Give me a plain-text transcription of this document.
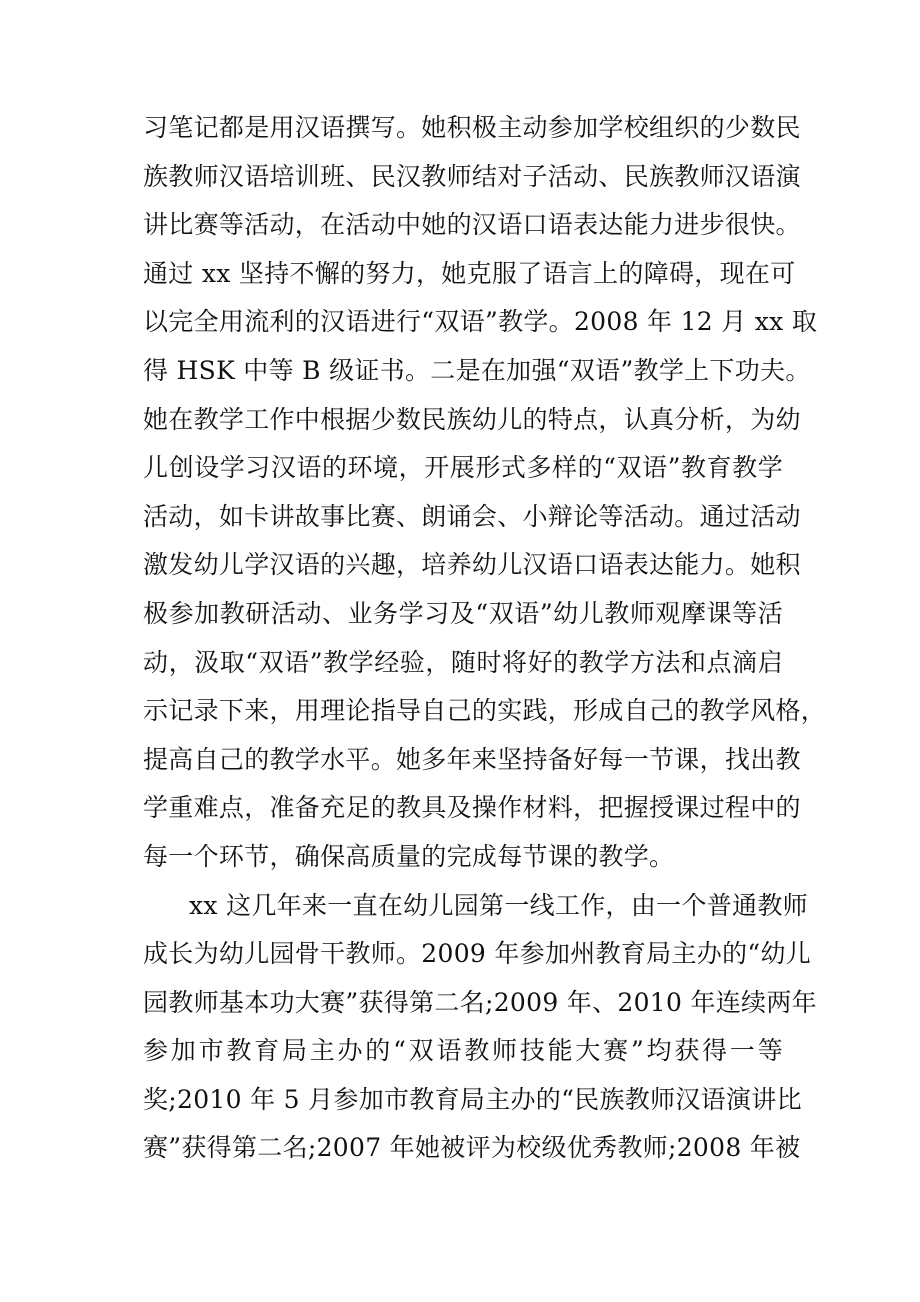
习笔记都是用汉语撰写。她积极主动参加学校组织的少数民
族教师汉语培训班、民汉教师结对子活动、民族教师汉语演
讲比赛等活动，在活动中她的汉语口语表达能力进步很快。
通过 xx 坚持不懈的努力，她克服了语言上的障碍，现在可
以完全用流利的汉语进行“双语”教学。2008 年 12 月 xx 取
得 HSK 中等 B 级证书。二是在加强“双语”教学上下功夫。
她在教学工作中根据少数民族幼儿的特点，认真分析，为幼
儿创设学习汉语的环境，开展形式多样的“双语”教育教学
活动，如卡讲故事比赛、朗诵会、小辩论等活动。通过活动
激发幼儿学汉语的兴趣，培养幼儿汉语口语表达能力。她积
极参加教研活动、业务学习及“双语”幼儿教师观摩课等活
动，汲取“双语”教学经验，随时将好的教学方法和点滴启
示记录下来，用理论指导自己的实践，形成自己的教学风格，
提高自己的教学水平。她多年来坚持备好每一节课，找出教
学重难点，准备充足的教具及操作材料，把握授课过程中的
每一个环节，确保高质量的完成每节课的教学。
xx 这几年来一直在幼儿园第一线工作，由一个普通教师
成长为幼儿园骨干教师。2009 年参加州教育局主办的“幼儿
园教师基本功大赛”获得第二名;2009 年、2010 年连续两年
参加市教育局主办的“双语教师技能大赛”均获得一等
奖;2010 年 5 月参加市教育局主办的“民族教师汉语演讲比
赛”获得第二名;2007 年她被评为校级优秀教师;2008 年被
